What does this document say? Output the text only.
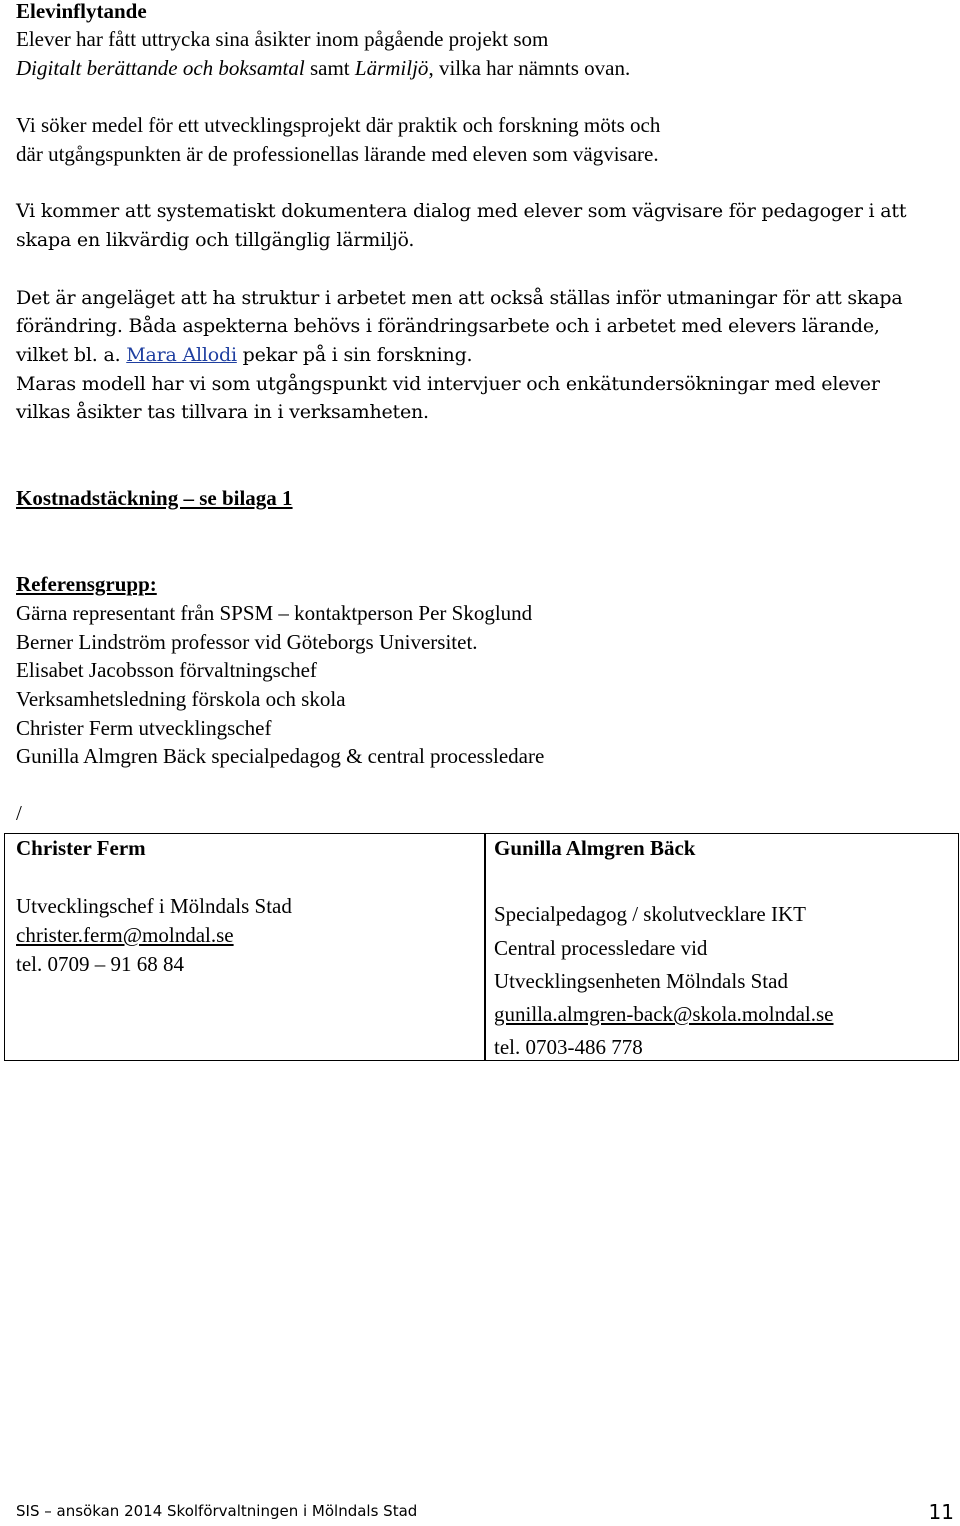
Elevinflytande
Elever har fått uttrycka sina åsikter inom pågående projekt som
Digitalt berättande och boksamtal samt Lärmiljö, vilka har nämnts ovan.
Vi söker medel för ett utvecklingsprojekt där praktik och forskning möts och
där utgångspunkten är de professionellas lärande med eleven som vägvisare.
Vi kommer att systematiskt dokumentera dialog med elever som vägvisare för pedagoger i att
skapa en likvärdig och tillgänglig lärmiljö.
Det är angeläget att ha struktur i arbetet men att också ställas inför utmaningar för att skapa
förändring. Båda aspekterna behövs i förändringsarbete och i arbetet med elevers lärande,
vilket bl. a. Mara Allodi pekar på i sin forskning.
Maras modell har vi som utgångspunkt vid intervjuer och enkätundersökningar med elever
vilkas åsikter tas tillvara in i verksamheten.
Kostnadstäckning – se bilaga 1
Referensgrupp:
Gärna representant från SPSM – kontaktperson Per Skoglund
Berner Lindström professor vid Göteborgs Universitet.
Elisabet Jacobsson förvaltningschef
Verksamhetsledning förskola och skola
Christer Ferm utvecklingschef
Gunilla Almgren Bäck specialpedagog & central processledare
/
Christer Ferm
Utvecklingschef i Mölndals Stad
christer.ferm@molndal.se
tel. 0709 – 91 68 84
Gunilla Almgren Bäck
Specialpedagog / skolutvecklare IKT
Central processledare vid
Utvecklingsenheten Mölndals Stad
gunilla.almgren-back@skola.molndal.se
tel. 0703-486 778
SIS – ansökan 2014 Skolförvaltningen i Mölndals Stad	11
